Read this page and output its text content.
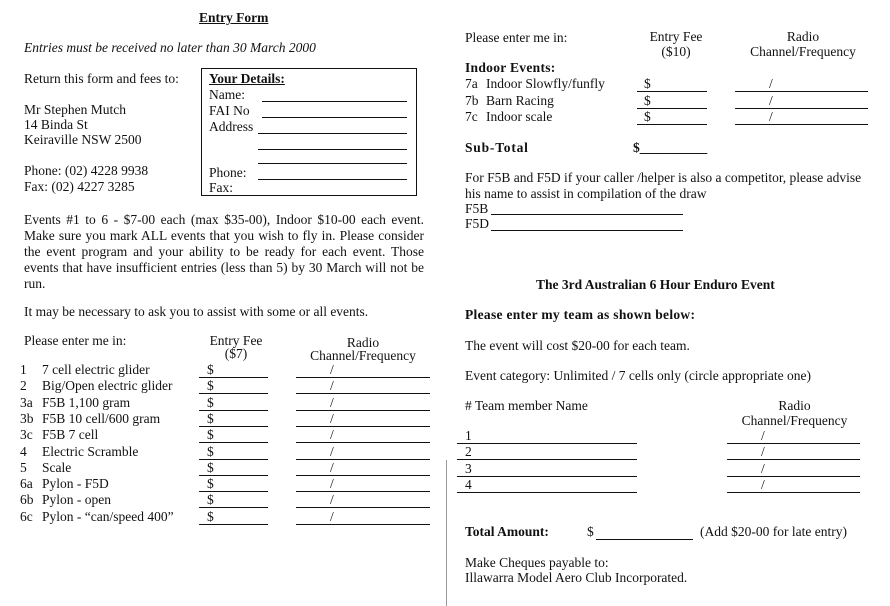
Entry Form
Entries must be received no later than 30 March 2000
Return this form and fees to:
Mr Stephen Mutch
14 Binda St
Keiraville NSW 2500
Phone: (02) 4228 9938
Fax: (02) 4227 3285
Your Details:
Name:
FAI No
Address
Phone:
Fax:
Events #1 to 6 - $7-00 each (max $35-00), Indoor $10-00 each event. Make sure you mark ALL events that you wish to fly in. Please consider the event program and your ability to be ready for each event. Those events that have insufficient entries (less than 5) by 30 March will not be run.
It may be necessary to ask you to assist with some or all events.
Please enter me in:	Entry Fee
($7)
Radio
Channel/Frequency
1 7 cell electric glider	$	/
2 Big/Open electric glider	$	/
3a F5B 1,100 gram	$	/
3b F5B 10 cell/600 gram	$	/
3c F5B 7 cell	$	/
4 Electric Scramble	$	/
5 Scale	$	/
6a Pylon - F5D	$	/
6b Pylon - open	$	/
6c Pylon - “can/speed 400” $	/
Please enter me in:	Entry Fee
($10)
Radio
Channel/Frequency
Indoor Events:
7a Indoor Slowfly/funfly	$	/
7b Barn Racing	$	/
7c Indoor scale	$	/
Sub-Total	$__________
For F5B and F5D if your caller /helper is also a competitor, please advise his name to assist in compilation of the draw
F5B
F5D
The 3rd Australian 6 Hour Enduro Event
Please enter my team as shown below:
The event will cost $20-00 for each team.
Event category: Unlimited / 7 cells only (circle appropriate one)
# Team member Name	Radio
Channel/Frequency
1	/
2	/
3	/
4	/
Total Amount:	$	(Add $20-00 for late entry)
Make Cheques payable to:
Illawarra Model Aero Club Incorporated.
